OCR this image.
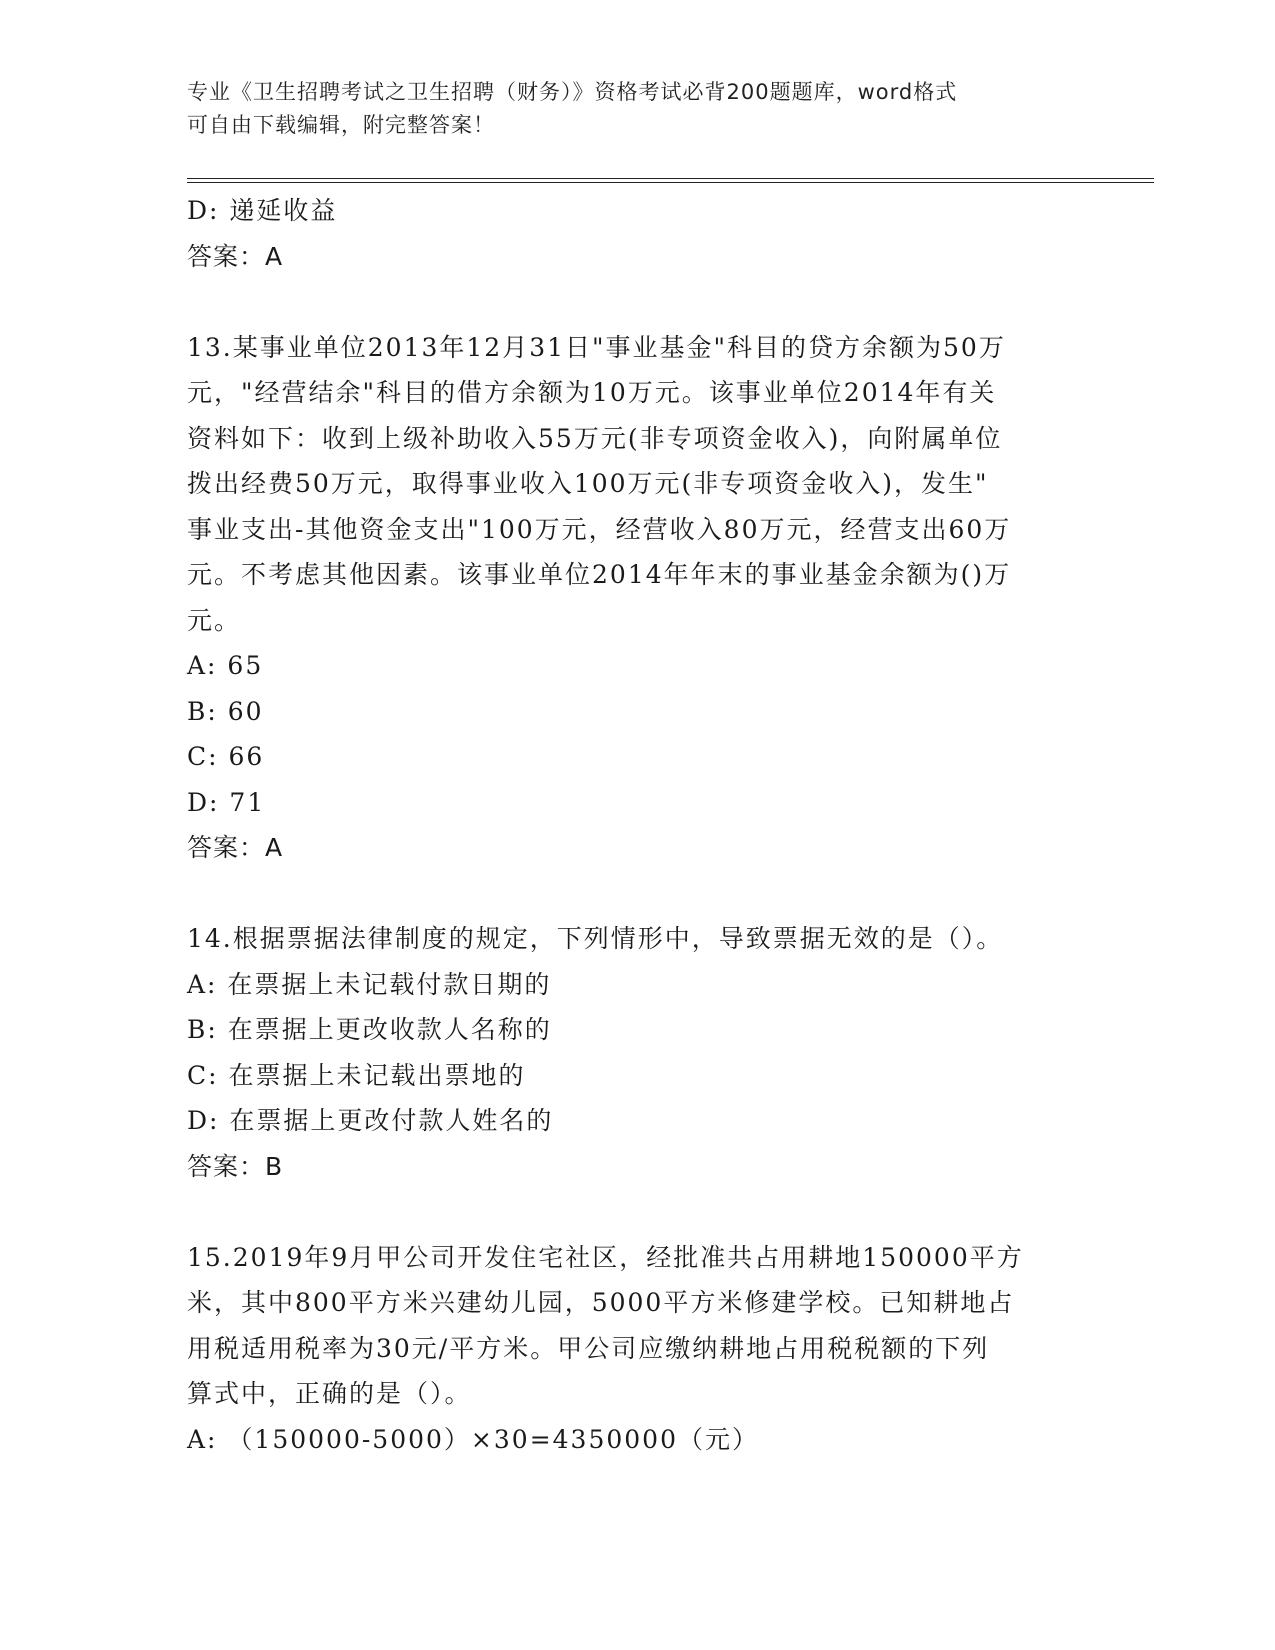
专业《卫生招聘考试之卫生招聘（财务）》资格考试必背200题题库，word格式
可自由下载编辑，附完整答案！
D: 递延收益
答案：A

13.某事业单位2013年12月31日"事业基金"科目的贷方余额为50万

元，"经营结余"科目的借方余额为10万元。该事业单位2014年有关

资料如下：收到上级补助收入55万元(非专项资金收入)，向附属单位

拨出经费50万元，取得事业收入100万元(非专项资金收入)，发生"

事业支出-其他资金支出"100万元，经营收入80万元，经营支出60万

元。不考虑其他因素。该事业单位2014年年末的事业基金余额为()万

元。

A: 65
B: 60
C: 66
D: 71
答案：A

14.根据票据法律制度的规定，下列情形中，导致票据无效的是（）。

A: 在票据上未记载付款日期的
B: 在票据上更改收款人名称的
C: 在票据上未记载出票地的
D: 在票据上更改付款人姓名的
答案：B

15.2019年9月甲公司开发住宅社区，经批准共占用耕地150000平方

米，其中800平方米兴建幼儿园，5000平方米修建学校。已知耕地占

用税适用税率为30元/平方米。甲公司应缴纳耕地占用税税额的下列

算式中，正确的是（）。

A: （150000-5000）×30=4350000（元）
